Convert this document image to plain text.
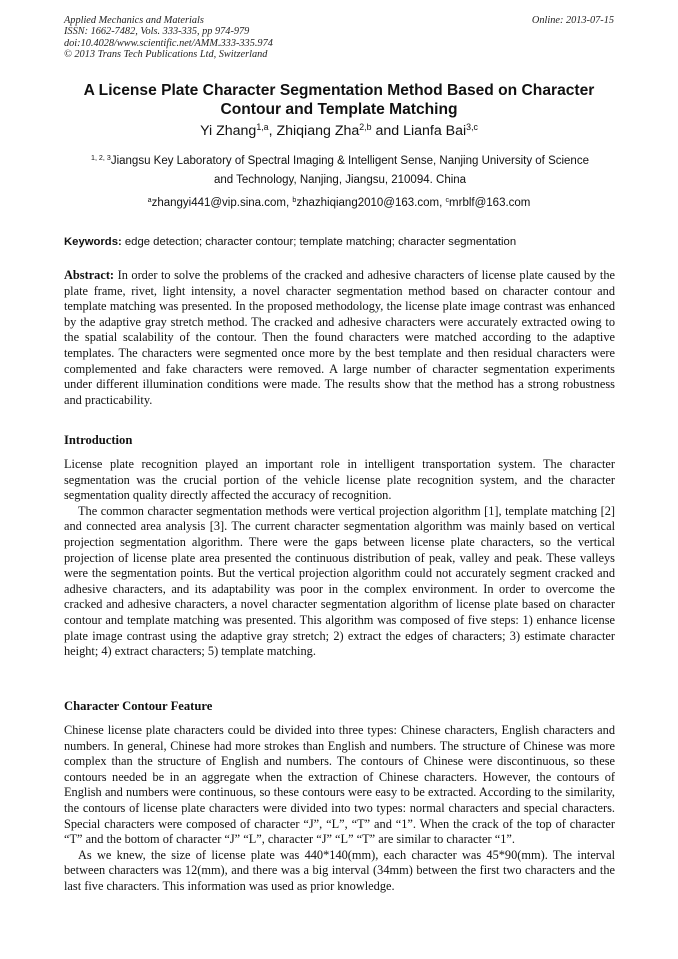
Applied Mechanics and Materials
ISSN: 1662-7482, Vols. 333-335, pp 974-979
doi:10.4028/www.scientific.net/AMM.333-335.974
© 2013 Trans Tech Publications Ltd, Switzerland
Online: 2013-07-15
A License Plate Character Segmentation Method Based on Character
Contour and Template Matching
Yi Zhang$^{1,a}$, Zhiqiang Zha$^{2,b}$ and Lianfa Bai$^{3,c}$
$^{1, 2, 3}$Jiangsu Key Laboratory of Spectral Imaging & Intelligent Sense, Nanjing University of Science
and Technology, Nanjing, Jiangsu, 210094. China
$^a$zhangyi441@vip.sina.com, $^b$zhazhiqiang2010@163.com, $^c$mrblf@163.com
Keywords: edge detection; character contour; template matching; character segmentation

Abstract: In order to solve the problems of the cracked and adhesive characters of license plate caused by the plate frame, rivet, light intensity, a novel character segmentation method based on character contour and template matching was presented. In the proposed methodology, the license plate image contrast was enhanced by the adaptive gray stretch method. The cracked and adhesive characters were accurately extracted owing to the spatial scalability of the contour. Then the found characters were matched according to the adaptive templates. The characters were segmented once more by the best template and then residual characters were complemented and fake characters were removed. A large number of character segmentation experiments under different illumination conditions were made. The results show that the method has a strong robustness and practicability.

Introduction

License plate recognition played an important role in intelligent transportation system. The character segmentation was the crucial portion of the vehicle license plate recognition system, and the character segmentation quality directly affected the accuracy of recognition.

The common character segmentation methods were vertical projection algorithm [1], template matching [2] and connected area analysis [3]. The current character segmentation algorithm was mainly based on vertical projection segmentation algorithm. There were the gaps between license plate characters, so the vertical projection of license plate area presented the continuous distribution of peak, valley and peak. These valleys were the segmentation points. But the vertical projection algorithm could not accurately segment cracked and adhesive characters, and its adaptability was poor in the complex environment. In order to overcome the cracked and adhesive characters, a novel character segmentation algorithm of license plate based on character contour and template matching was presented. This algorithm was composed of five steps: 1) enhance license plate image contrast using the adaptive gray stretch; 2) extract the edges of characters; 3) estimate character height; 4) extract characters; 5) template matching.

Character Contour Feature

Chinese license plate characters could be divided into three types: Chinese characters, English characters and numbers. In general, Chinese had more strokes than English and numbers. The structure of Chinese was more complex than the structure of English and numbers. The contours of Chinese were discontinuous, so these contours needed be in an aggregate when the extraction of Chinese characters. However, the contours of English and numbers were continuous, so these contours were easy to be extracted. According to the similarity, the contours of license plate characters were divided into two types: normal characters and special characters. Special characters were composed of character “J”, “L”, “T” and “1”. When the crack of the top of character “T” and the bottom of character “J” “L”, character “J” “L” “T” are similar to character “1”.

As we knew, the size of license plate was 440*140(mm), each character was 45*90(mm). The interval between characters was 12(mm), and there was a big interval (34mm) between the first two characters and the last five characters. This information was used as prior knowledge.
